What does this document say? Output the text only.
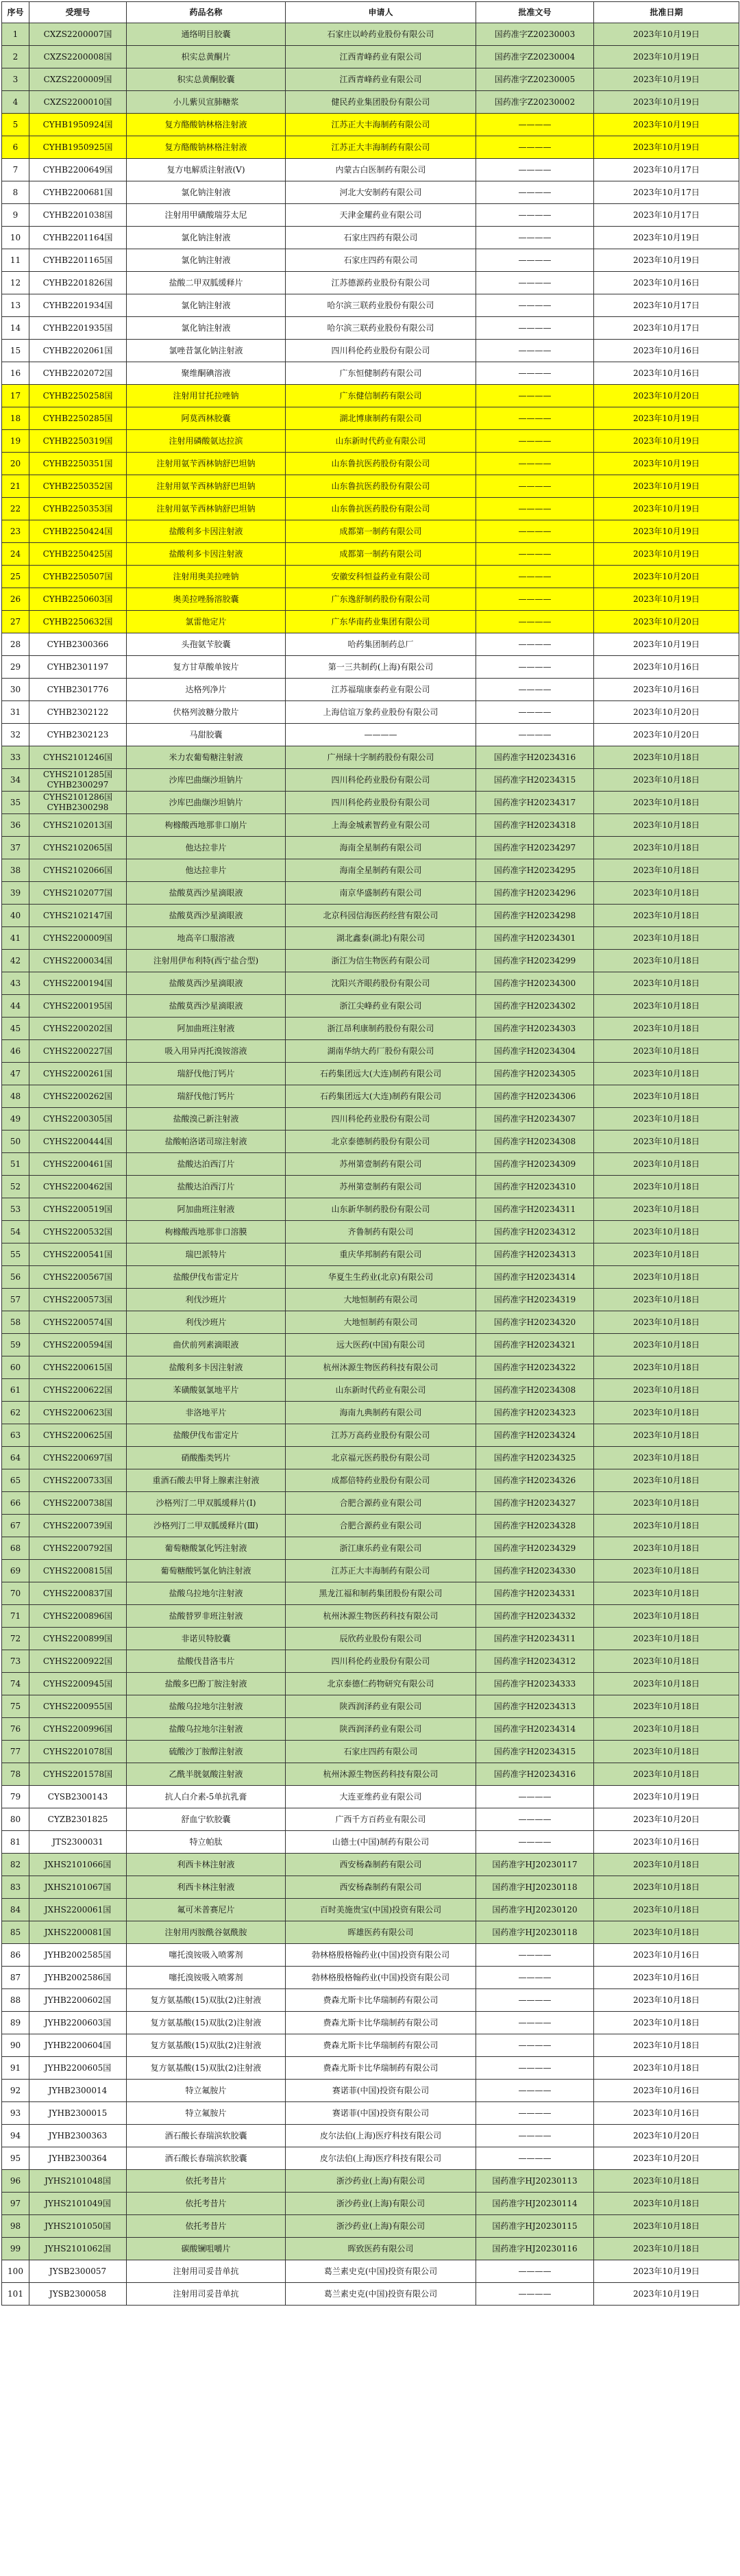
序号	受理号	药品名称	申请人	批准文号	批准日期
1	CXZS2200007国	通络明目胶囊	石家庄以岭药业股份有限公司	国药准字Z20230003	2023年10月19日
2	CXZS2200008国	枳实总黄酮片	江西青峰药业有限公司	国药准字Z20230004	2023年10月19日
3	CXZS2200009国	积实总黄酮胶囊	江西青峰药业有限公司	国药准字Z20230005	2023年10月19日
4	CXZS2200010国	小儿紫贝宣肺糖浆	健民药业集团股份有限公司	国药准字Z20230002	2023年10月19日
5	CYHB1950924国	复方酪酸钠林格注射液	江苏正大丰海制药有限公司	————	2023年10月19日
6	CYHB1950925国	复方酪酸钠林格注射液	江苏正大丰海制药有限公司	————	2023年10月19日
7	CYHB2200649国	复方电解质注射液(V)	内蒙古白医制药有限公司	————	2023年10月17日
8	CYHB2200681国	氯化钠注射液	河北大安制药有限公司	————	2023年10月17日
9	CYHB2201038国	注射用甲磺酸瑞芬太尼	天津金耀药业有限公司	————	2023年10月17日
10	CYHB2201164国	氯化钠注射液	石家庄四药有限公司	————	2023年10月19日
11	CYHB2201165国	氯化钠注射液	石家庄四药有限公司	————	2023年10月19日
12	CYHB2201826国	盐酸二甲双胍缓释片	江苏德源药业股份有限公司	————	2023年10月16日
13	CYHB2201934国	氯化钠注射液	哈尔滨三联药业股份有限公司	————	2023年10月17日
14	CYHB2201935国	氯化钠注射液	哈尔滨三联药业股份有限公司	————	2023年10月17日
15	CYHB2202061国	氯唑昔氯化钠注射液	四川科伦药业股份有限公司	————	2023年10月16日
16	CYHB2202072国	聚维酮碘溶液	广东恒健制药有限公司	————	2023年10月16日
17	CYHB2250258国	注射用甘托拉唑钠	广东健信制药有限公司	————	2023年10月20日
18	CYHB2250285国	阿莫西林胶囊	湖北博康制药有限公司	————	2023年10月19日
19	CYHB2250319国	注射用磷酸氨达拉滨	山东新时代药业有限公司	————	2023年10月19日
20	CYHB2250351国	注射用氨苄西林钠舒巴坦钠	山东鲁抗医药股份有限公司	————	2023年10月19日
21	CYHB2250352国	注射用氨苄西林钠舒巴坦钠	山东鲁抗医药股份有限公司	————	2023年10月19日
22	CYHB2250353国	注射用氨苄西林钠舒巴坦钠	山东鲁抗医药股份有限公司	————	2023年10月19日
23	CYHB2250424国	盐酸利多卡因注射液	成都第一制药有限公司	————	2023年10月19日
24	CYHB2250425国	盐酸利多卡因注射液	成都第一制药有限公司	————	2023年10月19日
25	CYHB2250507国	注射用奥美拉唑钠	安徽安科恒益药业有限公司	————	2023年10月20日
26	CYHB2250603国	奥美拉唑肠溶胶囊	广东逸舒制药股份有限公司	————	2023年10月19日
27	CYHB2250632国	氯雷他定片	广东华南药业集团有限公司	————	2023年10月20日
28	CYHB2300366	头孢氨苄胶囊	哈药集团制药总厂	————	2023年10月19日
29	CYHB2301197	复方甘草酸单铵片	第一三共制药(上海)有限公司	————	2023年10月16日
30	CYHB2301776	达格列净片	江苏福瑞康泰药业有限公司	————	2023年10月16日
31	CYHB2302122	伏格列波糖分散片	上海信谊万象药业股份有限公司	————	2023年10月20日
32	CYHB2302123	马甜胶囊	————	————	2023年10月20日
33	CYHS2101246国	米力农葡萄糖注射液	广州绿十字制药股份有限公司	国药准字H20234316	2023年10月18日
34	CYHS2101285国 CYHB2300297	沙库巴曲缬沙坦钠片	四川科伦药业股份有限公司	国药准字H20234315	2023年10月18日
35	CYHS2101286国 CYHB2300298	沙库巴曲缬沙坦钠片	四川科伦药业股份有限公司	国药准字H20234317	2023年10月18日
36	CYHS2102013国	枸橼酸西地那非口崩片	上海金城素智药业有限公司	国药准字H20234318	2023年10月18日
37	CYHS2102065国	他达拉非片	海南全星制药有限公司	国药准字H20234297	2023年10月18日
38	CYHS2102066国	他达拉非片	海南全星制药有限公司	国药准字H20234295	2023年10月18日
39	CYHS2102077国	盐酸莫西沙星滴眼液	南京华盛制药有限公司	国药准字H20234296	2023年10月18日
40	CYHS2102147国	盐酸莫西沙星滴眼液	北京科园信海医药经营有限公司	国药准字H20234298	2023年10月18日
41	CYHS2200009国	地高辛口服溶液	湖北鑫泰(湖北)有限公司	国药准字H20234301	2023年10月18日
42	CYHS2200034国	注射用伊布利特(西宁盐合型)	浙江为信生物医药有限公司	国药准字H20234299	2023年10月18日
43	CYHS2200194国	盐酸莫西沙星滴眼液	沈阳兴齐眼药股份有限公司	国药准字H20234300	2023年10月18日
44	CYHS2200195国	盐酸莫西沙星滴眼液	浙江尖峰药业有限公司	国药准字H20234302	2023年10月18日
45	CYHS2200202国	阿加曲班注射液	浙江昂利康制药股份有限公司	国药准字H20234303	2023年10月18日
46	CYHS2200227国	吸入用异丙托溴铵溶液	湖南华纳大药厂股份有限公司	国药准字H20234304	2023年10月18日
47	CYHS2200261国	瑞舒伐他汀钙片	石药集团远大(大连)制药有限公司	国药准字H20234305	2023年10月18日
48	CYHS2200262国	瑞舒伐他汀钙片	石药集团远大(大连)制药有限公司	国药准字H20234306	2023年10月18日
49	CYHS2200305国	盐酸溴己新注射液	四川科伦药业股份有限公司	国药准字H20234307	2023年10月18日
50	CYHS2200444国	盐酸帕洛诺司琼注射液	北京泰德制药股份有限公司	国药准字H20234308	2023年10月18日
51	CYHS2200461国	盐酸达泊西汀片	苏州第壹制药有限公司	国药准字H20234309	2023年10月18日
52	CYHS2200462国	盐酸达泊西汀片	苏州第壹制药有限公司	国药准字H20234310	2023年10月18日
53	CYHS2200519国	阿加曲班注射液	山东新华制药股份有限公司	国药准字H20234311	2023年10月18日
54	CYHS2200532国	枸橼酸西地那非口溶膜	齐鲁制药有限公司	国药准字H20234312	2023年10月18日
55	CYHS2200541国	瑞巴派特片	重庆华邦制药有限公司	国药准字H20234313	2023年10月18日
56	CYHS2200567国	盐酸伊伐布雷定片	华夏生生药业(北京)有限公司	国药准字H20234314	2023年10月18日
57	CYHS2200573国	利伐沙班片	大地恒制药有限公司	国药准字H20234319	2023年10月18日
58	CYHS2200574国	利伐沙班片	大地恒制药有限公司	国药准字H20234320	2023年10月18日
59	CYHS2200594国	曲伏前列素滴眼液	远大医药(中国)有限公司	国药准字H20234321	2023年10月18日
60	CYHS2200615国	盐酸利多卡因注射液	杭州沐源生物医药科技有限公司	国药准字H20234322	2023年10月18日
61	CYHS2200622国	苯磺酸氨氯地平片	山东新时代药业有限公司	国药准字H20234308	2023年10月18日
62	CYHS2200623国	非洛地平片	海南九典制药有限公司	国药准字H20234323	2023年10月18日
63	CYHS2200625国	盐酸伊伐布雷定片	江苏万高药业股份有限公司	国药准字H20234324	2023年10月18日
64	CYHS2200697国	硝酸酯类钙片	北京福元医药股份有限公司	国药准字H20234325	2023年10月18日
65	CYHS2200733国	重酒石酸去甲肾上腺素注射液	成都倍特药业股份有限公司	国药准字H20234326	2023年10月18日
66	CYHS2200738国	沙格列汀二甲双胍缓释片(Ⅰ)	合肥合源药业有限公司	国药准字H20234327	2023年10月18日
67	CYHS2200739国	沙格列汀二甲双胍缓释片(Ⅲ)	合肥合源药业有限公司	国药准字H20234328	2023年10月18日
68	CYHS2200792国	葡萄糖酸氯化钙注射液	浙江康乐药业有限公司	国药准字H20234329	2023年10月18日
69	CYHS2200815国	葡萄糖酸钙氯化钠注射液	江苏正大丰海制药有限公司	国药准字H20234330	2023年10月18日
70	CYHS2200837国	盐酸乌拉地尔注射液	黑龙江福和制药集团股份有限公司	国药准字H20234331	2023年10月18日
71	CYHS2200896国	盐酸替罗非班注射液	杭州沐源生物医药科技有限公司	国药准字H20234332	2023年10月18日
72	CYHS2200899国	非诺贝特胶囊	辰欣药业股份有限公司	国药准字H20234311	2023年10月18日
73	CYHS2200922国	盐酸伐昔洛韦片	四川科伦药业股份有限公司	国药准字H20234312	2023年10月18日
74	CYHS2200945国	盐酸多巴酚丁胺注射液	北京泰德仁药物研究有限公司	国药准字H20234333	2023年10月18日
75	CYHS2200955国	盐酸乌拉地尔注射液	陕西润泽药业有限公司	国药准字H20234313	2023年10月18日
76	CYHS2200996国	盐酸乌拉地尔注射液	陕西润泽药业有限公司	国药准字H20234314	2023年10月18日
77	CYHS2201078国	硫酸沙丁胺醇注射液	石家庄四药有限公司	国药准字H20234315	2023年10月18日
78	CYHS2201578国	乙酰半胱氨酸注射液	杭州沐源生物医药科技有限公司	国药准字H20234316	2023年10月18日
79	CYSB2300143	抗人白介素-5单抗乳膏	大连亚维药业有限公司	————	2023年10月19日
80	CYZB2301825	舒血宁软胶囊	广西千方百药业有限公司	————	2023年10月20日
81	JTS2300031	特立帕肽	山德士(中国)制药有限公司	————	2023年10月16日
82	JXHS2101066国	利西卡林注射液	西安杨森制药有限公司	国药准字HJ20230117	2023年10月18日
83	JXHS2101067国	利西卡林注射液	西安杨森制药有限公司	国药准字HJ20230118	2023年10月18日
84	JXHS2200061国	氟可米普赛尼片	百时美施贵宝(中国)投资有限公司	国药准字HJ20230120	2023年10月18日
85	JXHS2200081国	注射用丙胺酰谷氨酰胺	晖雄医药有限公司	国药准字HJ20230118	2023年10月18日
86	JYHB2002585国	噻托溴铵吸入喷雾剂	勃林格殷格翰药业(中国)投资有限公司	————	2023年10月16日
87	JYHB2002586国	噻托溴铵吸入喷雾剂	勃林格殷格翰药业(中国)投资有限公司	————	2023年10月16日
88	JYHB2200602国	复方氨基酸(15)双肽(2)注射液	费森尤斯卡比华瑞制药有限公司	————	2023年10月18日
89	JYHB2200603国	复方氨基酸(15)双肽(2)注射液	费森尤斯卡比华瑞制药有限公司	————	2023年10月18日
90	JYHB2200604国	复方氨基酸(15)双肽(2)注射液	费森尤斯卡比华瑞制药有限公司	————	2023年10月18日
91	JYHB2200605国	复方氨基酸(15)双肽(2)注射液	费森尤斯卡比华瑞制药有限公司	————	2023年10月18日
92	JYHB2300014	特立氟胺片	赛诺菲(中国)投资有限公司	————	2023年10月16日
93	JYHB2300015	特立氟胺片	赛诺菲(中国)投资有限公司	————	2023年10月16日
94	JYHB2300363	酒石酸长春瑞滨软胶囊	皮尔法伯(上海)医疗科技有限公司	————	2023年10月20日
95	JYHB2300364	酒石酸长春瑞滨软胶囊	皮尔法伯(上海)医疗科技有限公司	————	2023年10月20日
96	JYHS2101048国	依托考昔片	浙沙药业(上海)有限公司	国药准字HJ20230113	2023年10月18日
97	JYHS2101049国	依托考昔片	浙沙药业(上海)有限公司	国药准字HJ20230114	2023年10月18日
98	JYHS2101050国	依托考昔片	浙沙药业(上海)有限公司	国药准字HJ20230115	2023年10月18日
99	JYHS2101062国	碳酸镧咀嚼片	晖致医药有限公司	国药准字HJ20230116	2023年10月18日
100	JYSB2300057	注射用司妥昔单抗	葛兰素史克(中国)投资有限公司	————	2023年10月19日
101	JYSB2300058	注射用司妥昔单抗	葛兰素史克(中国)投资有限公司	————	2023年10月19日
